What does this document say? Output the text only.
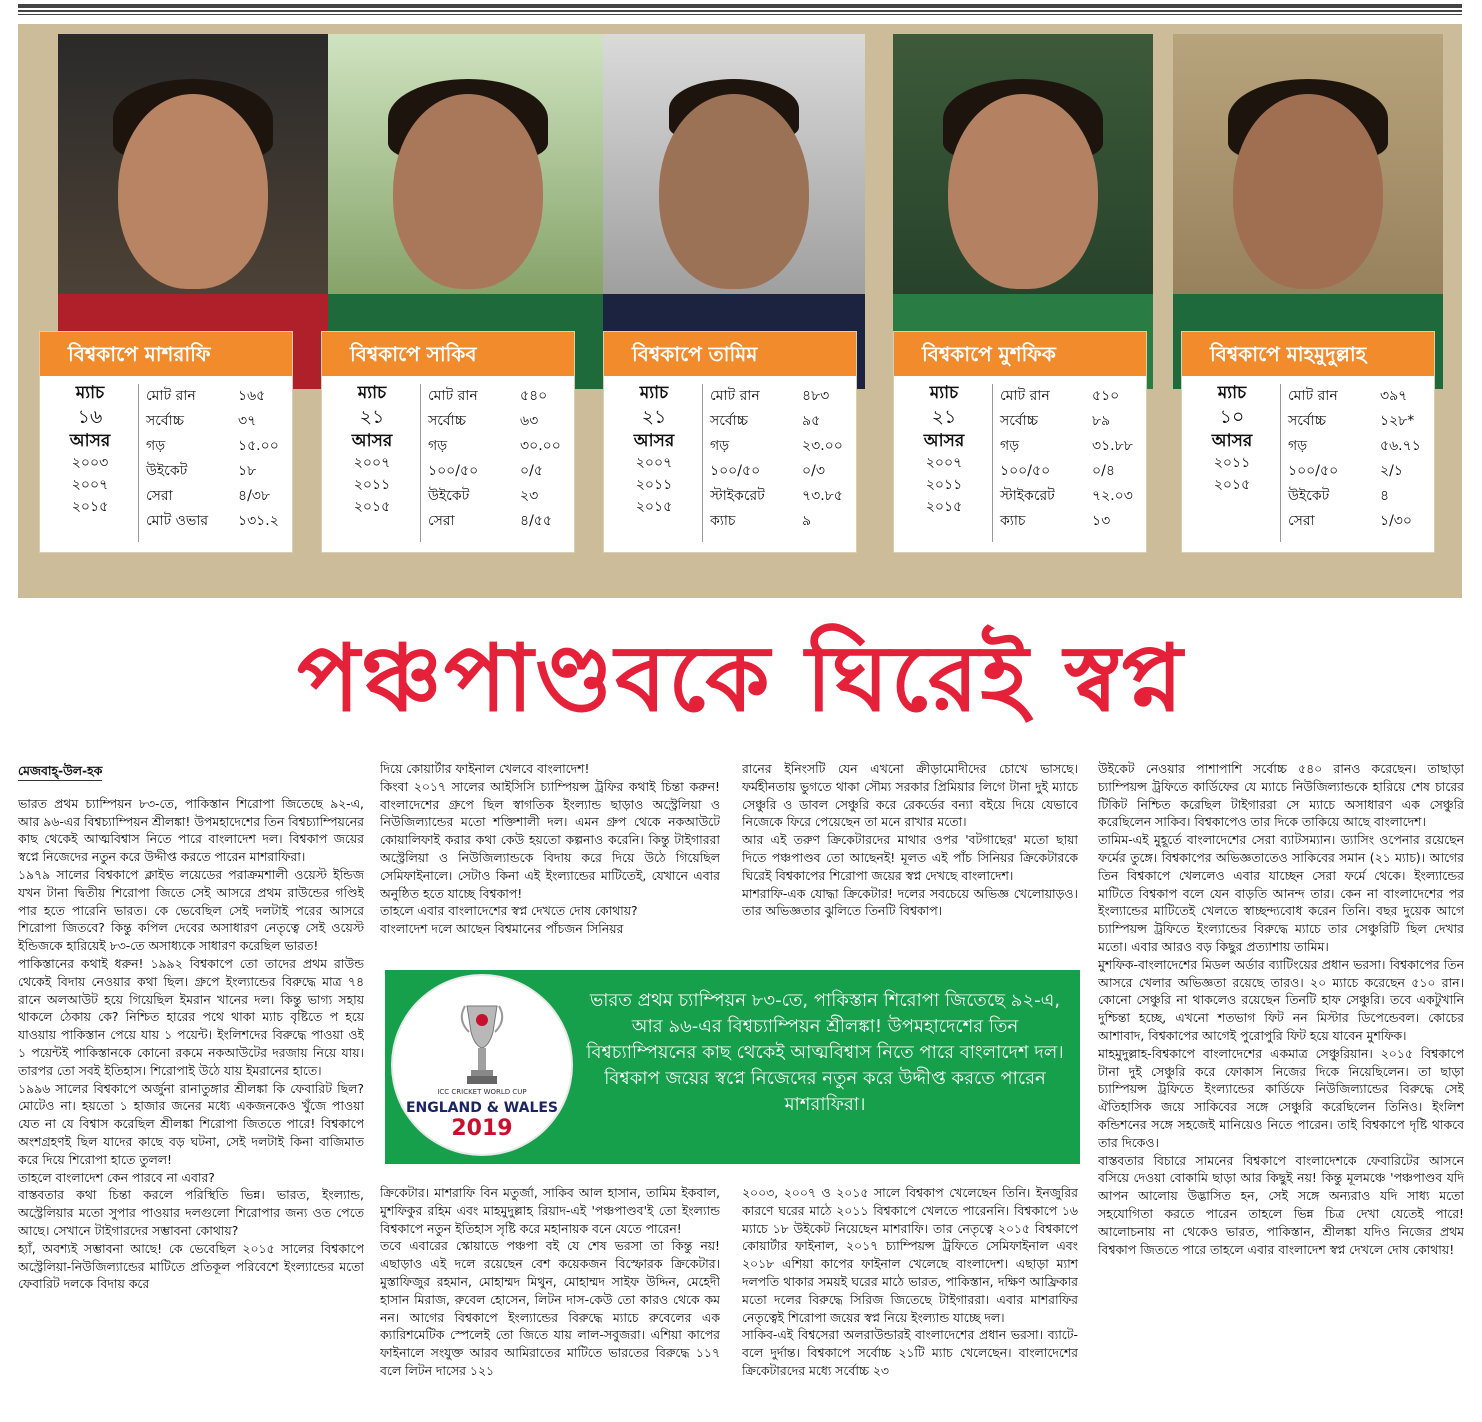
বিশ্বকাপে মাশরাফি
ম্যাচ
১৬
আসর
২০০৩
২০০৭
২০১৫
মোট রান	১৬৫
সর্বোচ্চ	৩৭
গড়	১৫.০০
উইকেট	১৮
সেরা	৪/৩৮
মোট ওভার ১৩১.২
বিশ্বকাপে সাকিব
ম্যাচ
২১
আসর
২০০৭
২০১১
২০১৫
মোট রান	৫৪০
সর্বোচ্চ	৬৩
গড়	৩০.০০
১০০/৫০	০/৫
উইকেট	২৩
সেরা	৪/৫৫
বিশ্বকাপে তামিম
ম্যাচ
২১
আসর
২০০৭
২০১১
২০১৫
মোট রান	৪৮৩
সর্বোচ্চ	৯৫
গড়	২৩.০০
১০০/৫০	০/৩
স্টাইকরেট	৭৩.৮৫
ক্যাচ	৯
বিশ্বকাপে মুশফিক
ম্যাচ
২১
আসর
২০০৭
২০১১
২০১৫
মোট রান	৫১০
সর্বোচ্চ	৮৯
গড়	৩১.৮৮
১০০/৫০	০/৪
স্টাইকরেট	৭২.০৩
ক্যাচ	১৩
বিশ্বকাপে মাহমুদুল্লাহ
ম্যাচ
১০
আসর
২০১১
২০১৫
মোট রান	৩৯৭
সর্বোচ্চ	১২৮*
গড়	৫৬.৭১
১০০/৫০	২/১
উইকেট	৪
সেরা	১/৩০
পঞ্চপাণ্ডবকে ঘিরেই স্বপ্ন
মেজবাহ্-উল-হক

ভারত প্রথম চ্যাম্পিয়ন ৮৩-তে, পাকিস্তান শিরোপা জিতেছে ৯২-এ, আর ৯৬-এর বিশ্বচ্যাম্পিয়ন শ্রীলঙ্কা! উপমহাদেশের তিন বিশ্বচ্যাম্পিয়নের কাছ থেকেই আত্মবিশ্বাস নিতে পারে বাংলাদেশ দল। বিশ্বকাপ জয়ের স্বপ্নে নিজেদের নতুন করে উদ্দীপ্ত করতে পারেন মাশরাফিরা।

১৯৭৯ সালের বিশ্বকাপে ক্লাইভ লয়েডের পরাক্রমশালী ওয়েস্ট ইন্ডিজ যখন টানা দ্বিতীয় শিরোপা জিতে সেই আসরে প্রথম রাউন্ডের গণ্ডিই পার হতে পারেনি ভারত। কে ভেবেছিল সেই দলটাই পরের আসরে শিরোপা জিতবে? কিন্তু কপিল দেবের অসাধারণ নেতৃত্বে সেই ওয়েস্ট ইন্ডিজকে হারিয়েই ৮৩-তে অসাধ্যকে সাধারণ করেছিল ভারত!

পাকিস্তানের কথাই ধরুন! ১৯৯২ বিশ্বকাপে তো তাদের প্রথম রাউন্ড থেকেই বিদায় নেওয়ার কথা ছিল। গ্রুপে ইংল্যান্ডের বিরুদ্ধে মাত্র ৭৪ রানে অলআউট হয়ে গিয়েছিল ইমরান খানের দল। কিন্তু ভাগ্য সহায় থাকলে ঠেকায় কে? নিশ্চিত হারের পথে থাকা ম্যাচ বৃষ্টিতে প হয়ে যাওয়ায় পাকিস্তান পেয়ে যায় ১ পয়েন্ট। ইংলিশদের বিরুদ্ধে পাওয়া ওই ১ পয়েন্টই পাকিস্তানকে কোনো রকমে নকআউটের দরজায় নিয়ে যায়। তারপর তো সবই ইতিহাস। শিরোপাই উঠে যায় ইমরানের হাতে।

১৯৯৬ সালের বিশ্বকাপে অর্জুনা রানাতুঙ্গার শ্রীলঙ্কা কি ফেবারিট ছিল? মোটেও না। হয়তো ১ হাজার জনের মধ্যে একজনকেও খুঁজে পাওয়া যেত না যে বিশ্বাস করেছিল শ্রীলঙ্কা শিরোপা জিততে পারে! বিশ্বকাপে অংশগ্রহণই ছিল যাদের কাছে বড় ঘটনা, সেই দলটাই কিনা বাজিমাত করে দিয়ে শিরোপা হাতে তুলল!

তাহলে বাংলাদেশ কেন পারবে না এবার?

বাস্তবতার কথা চিন্তা করলে পরিস্থিতি ভিন্ন। ভারত, ইংল্যান্ড, অস্ট্রেলিয়ার মতো সুপার পাওয়ার দলগুলো শিরোপার জন্য ওত পেতে আছে। সেখানে টাইগারদের সম্ভাবনা কোথায়?

হ্যাঁ, অবশ্যই সম্ভাবনা আছে! কে ভেবেছিল ২০১৫ সালের বিশ্বকাপে অস্ট্রেলিয়া-নিউজিল্যান্ডের মাটিতে প্রতিকূল পরিবেশে ইংল্যান্ডের মতো ফেবারিট দলকে বিদায় করে

দিয়ে কোয়ার্টার ফাইনাল খেলবে বাংলাদেশ!

কিংবা ২০১৭ সালের আইসিসি চ্যাম্পিয়ন্স ট্রফির কথাই চিন্তা করুন! বাংলাদেশের গ্রুপে ছিল স্বাগতিক ইংল্যান্ড ছাড়াও অস্ট্রেলিয়া ও নিউজিল্যান্ডের মতো শক্তিশালী দল। এমন গ্রুপ থেকে নকআউটে কোয়ালিফাই করার কথা কেউ হয়তো কল্পনাও করেনি। কিন্তু টাইগাররা অস্ট্রেলিয়া ও নিউজিল্যান্ডকে বিদায় করে দিয়ে উঠে গিয়েছিল সেমিফাইনালে। সেটাও কিনা এই ইংল্যান্ডের মাটিতেই, যেখানে এবার অনুষ্ঠিত হতে যাচ্ছে বিশ্বকাপ!

তাহলে এবার বাংলাদেশের স্বপ্ন দেখতে দোষ কোথায়?

বাংলাদেশ দলে আছেন বিশ্বমানের পাঁচজন সিনিয়র

রানের ইনিংসটি যেন এখনো ক্রীড়ামোদীদের চোখে ভাসছে। ফর্মহীনতায় ভুগতে থাকা সৌম্য সরকার প্রিমিয়ার লিগে টানা দুই ম্যাচে সেঞ্চুরি ও ডাবল সেঞ্চুরি করে রেকর্ডের বন্যা বইয়ে দিয়ে যেভাবে নিজেকে ফিরে পেয়েছেন তা মনে রাখার মতো।

আর এই তরুণ ক্রিকেটারদের মাথার ওপর 'বটগাছের' মতো ছায়া দিতে পঞ্চপাণ্ডব তো আছেনই! মূলত এই পাঁচ সিনিয়র ক্রিকেটারকে ঘিরেই বিশ্বকাপের শিরোপা জয়ের স্বপ্ন দেখছে বাংলাদেশ।

মাশরাফি-এক যোদ্ধা ক্রিকেটার! দলের সবচেয়ে অভিজ্ঞ খেলোয়াড়ও। তার অভিজ্ঞতার ঝুলিতে তিনটি বিশ্বকাপ।

ICC CRICKET WORLD CUP
ENGLAND & WALES
2019
ভারত প্রথম চ্যাম্পিয়ন ৮৩-তে, পাকিস্তান শিরোপা জিতেছে ৯২-এ, আর ৯৬-এর বিশ্বচ্যাম্পিয়ন শ্রীলঙ্কা! উপমহাদেশের তিন বিশ্বচ্যাম্পিয়নের কাছ থেকেই আত্মবিশ্বাস নিতে পারে বাংলাদেশ দল। বিশ্বকাপ জয়ের স্বপ্নে নিজেদের নতুন করে উদ্দীপ্ত করতে পারেন মাশরাফিরা।

ক্রিকেটার। মাশরাফি বিন মতুর্জা, সাকিব আল হাসান, তামিম ইকবাল, মুশফিকুর রহিম এবং মাহমুদুল্লাহ রিয়াদ-এই 'পঞ্চপাণ্ডব'ই তো ইংল্যান্ড বিশ্বকাপে নতুন ইতিহাস সৃষ্টি করে মহানায়ক বনে যেতে পারেন!

তবে এবারের স্কোয়াডে পঞ্চপা বই যে শেষ ভরসা তা কিন্তু নয়! এছাড়াও এই দলে রয়েছেন বেশ কয়েকজন বিস্ফোরক ক্রিকেটার। মুস্তাফিজুর রহমান, মোহাম্মদ মিথুন, মোহাম্মদ সাইফ উদ্দিন, মেহেদী হাসান মিরাজ, রুবেল হোসেন, লিটন দাস-কেউ তো কারও থেকে কম নন। আগের বিশ্বকাপে ইংল্যান্ডের বিরুদ্ধে ম্যাচে রুবেলের এক ক্যারিশমেটিক স্পেলেই তো জিতে যায় লাল-সবুজরা। এশিয়া কাপের ফাইনালে সংযুক্ত আরব আমিরাতের মাটিতে ভারতের বিরুদ্ধে ১১৭ বলে লিটন দাসের ১২১

২০০৩, ২০০৭ ও ২০১৫ সালে বিশ্বকাপ খেলেছেন তিনি। ইনজুরির কারণে ঘরের মাঠে ২০১১ বিশ্বকাপে খেলতে পারেননি। বিশ্বকাপে ১৬ ম্যাচে ১৮ উইকেট নিয়েছেন মাশরাফি। তার নেতৃত্বে ২০১৫ বিশ্বকাপে কোয়ার্টার ফাইনাল, ২০১৭ চ্যাম্পিয়ন্স ট্রফিতে সেমিফাইনাল এবং ২০১৮ এশিয়া কাপের ফাইনাল খেলেছে বাংলাদেশ। এছাড়া ম্যাশ দলপতি থাকার সময়ই ঘরের মাঠে ভারত, পাকিস্তান, দক্ষিণ আফ্রিকার মতো দলের বিরুদ্ধে সিরিজ জিতেছে টাইগাররা। এবার মাশরাফির নেতৃত্বেই শিরোপা জয়ের স্বপ্ন নিয়ে ইংল্যান্ড যাচ্ছে দল।

সাকিব-এই বিশ্বসেরা অলরাউন্ডারই বাংলাদেশের প্রধান ভরসা। ব্যাটে-বলে দুর্দান্ত। বিশ্বকাপে সর্বোচ্চ ২১টি ম্যাচ খেলেছেন। বাংলাদেশের ক্রিকেটারদের মধ্যে সর্বোচ্চ ২৩

উইকেট নেওয়ার পাশাপাশি সর্বোচ্চ ৫৪০ রানও করেছেন। তাছাড়া চ্যাম্পিয়ন্স ট্রফিতে কার্ডিফের যে ম্যাচে নিউজিল্যান্ডকে হারিয়ে শেষ চারের টিকিট নিশ্চিত করেছিল টাইগাররা সে ম্যাচে অসাধারণ এক সেঞ্চুরি করেছিলেন সাকিব। বিশ্বকাপেও তার দিকে তাকিয়ে আছে বাংলাদেশ।

তামিম-এই মুহূর্তে বাংলাদেশের সেরা ব্যাটসম্যান। ড্যাসিং ওপেনার রয়েছেন ফর্মের তুঙ্গে। বিশ্বকাপের অভিজ্ঞতাতেও সাকিবের সমান (২১ ম্যাচ)। আগের তিন বিশ্বকাপে খেললেও এবার যাচ্ছেন সেরা ফর্মে থেকে। ইংল্যান্ডের মাটিতে বিশ্বকাপ বলে যেন বাড়তি আনন্দ তার। কেন না বাংলাদেশের পর ইংল্যান্ডের মাটিতেই খেলতে স্বাচ্ছন্দ্যবোধ করেন তিনি। বছর দুয়েক আগে চ্যাম্পিয়ন্স ট্রফিতে ইংল্যান্ডের বিরুদ্ধে ম্যাচে তার সেঞ্চুরিটি ছিল দেখার মতো। এবার আরও বড় কিছুর প্রত্যাশায় তামিম।

মুশফিক-বাংলাদেশের মিডল অর্ডার ব্যাটিংয়ের প্রধান ভরসা। বিশ্বকাপের তিন আসরে খেলার অভিজ্ঞতা রয়েছে তারও। ২০ ম্যাচে করেছেন ৫১০ রান। কোনো সেঞ্চুরি না থাকলেও রয়েছেন তিনটি হাফ সেঞ্চুরি। তবে একটুখানি দুশ্চিন্তা হচ্ছে, এখনো শতভাগ ফিট নন মিস্টার ডিপেন্ডেবল। কোচের আশাবাদ, বিশ্বকাপের আগেই পুরোপুরি ফিট হয়ে যাবেন মুশফিক।

মাহমুদুল্লাহ-বিশ্বকাপে বাংলাদেশের একমাত্র সেঞ্চুরিয়ান। ২০১৫ বিশ্বকাপে টানা দুই সেঞ্চুরি করে ফোকাস নিজের দিকে নিয়েছিলেন। তা ছাড়া চ্যাম্পিয়ন্স ট্রফিতে ইংল্যান্ডের কার্ডিফে নিউজিল্যান্ডের বিরুদ্ধে সেই ঐতিহাসিক জয়ে সাকিবের সঙ্গে সেঞ্চুরি করেছিলেন তিনিও। ইংলিশ কন্ডিশনের সঙ্গে সহজেই মানিয়েও নিতে পারেন। তাই বিশ্বকাপে দৃষ্টি থাকবে তার দিকেও।

বাস্তবতার বিচারে সামনের বিশ্বকাপে বাংলাদেশকে ফেবারিটের আসনে বসিয়ে দেওয়া বোকামি ছাড়া আর কিছুই নয়! কিন্তু মূলমঞ্চে 'পঞ্চপাণ্ডব যদি আপন আলোয় উদ্ভাসিত হন, সেই সঙ্গে অন্যরাও যদি সাধ্য মতো সহযোগিতা করতে পারেন তাহলে ভিন্ন চিত্র দেখা যেতেই পারে! আলোচনায় না থেকেও ভারত, পাকিস্তান, শ্রীলঙ্কা যদিও নিজের প্রথম বিশ্বকাপ জিততে পারে তাহলে এবার বাংলাদেশ স্বপ্ন দেখলে দোষ কোথায়!
